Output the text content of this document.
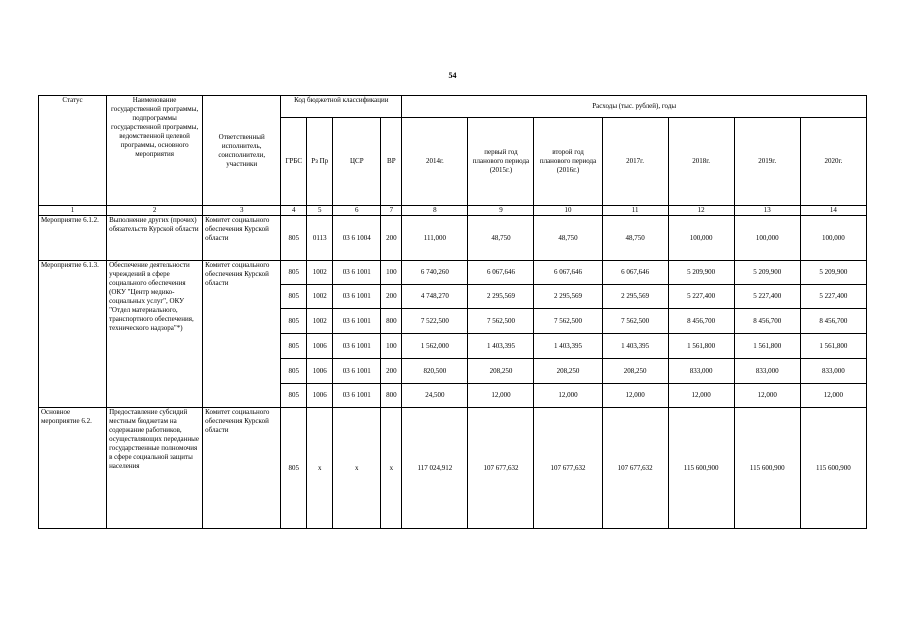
54
Статус	Наименование государственной программы, подпрограммы государственной программы, ведомственной целевой программы, основного мероприятия	Ответственный исполнитель, соисполнители, участники	Код бюджетной классификации				Расходы (тыс. рублей), годы						
			ГРБС	Рз Пр	ЦСР	ВР	2014г.	первый год планового периода (2015г.)	второй год планового периода (2016г.)	2017г.	2018г.	2019г.	2020г.
1	2	3	4	5	6	7	8	9	10	11	12	13	14
Мероприятие 6.1.2.	Выполнение других (прочих) обязательств Курской области	Комитет социального обеспечения Курской области	805	0113	03 6 1004	200	111,000	48,750	48,750	48,750	100,000	100,000	100,000
Мероприятие 6.1.3.	Обеспечение деятельности учреждений в сфере социального обеспечения (ОКУ "Центр медико-социальных услуг", ОКУ "Отдел материального, транспортного обеспечения, технического надзора"*)	Комитет социального обеспечения Курской области	805	1002	03 6 1001	100	6 740,260	6 067,646	6 067,646	6 067,646	5 209,900	5 209,900	5 209,900
			805	1002	03 6 1001	200	4 748,270	2 295,569	2 295,569	2 295,569	5 227,400	5 227,400	5 227,400
			805	1002	03 6 1001	800	7 522,500	7 562,500	7 562,500	7 562,500	8 456,700	8 456,700	8 456,700
			805	1006	03 6 1001	100	1 562,000	1 403,395	1 403,395	1 403,395	1 561,800	1 561,800	1 561,800
			805	1006	03 6 1001	200	820,500	208,250	208,250	208,250	833,000	833,000	833,000
			805	1006	03 6 1001	800	24,500	12,000	12,000	12,000	12,000	12,000	12,000
Основное мероприятие 6.2.	Предоставление субсидий местным бюджетам на содержание работников, осуществляющих переданные государственные полномочия в сфере социальной защиты населения	Комитет социального обеспечения Курской области	805	x	x	x	117 024,912	107 677,632	107 677,632	107 677,632	115 600,900	115 600,900	115 600,900
